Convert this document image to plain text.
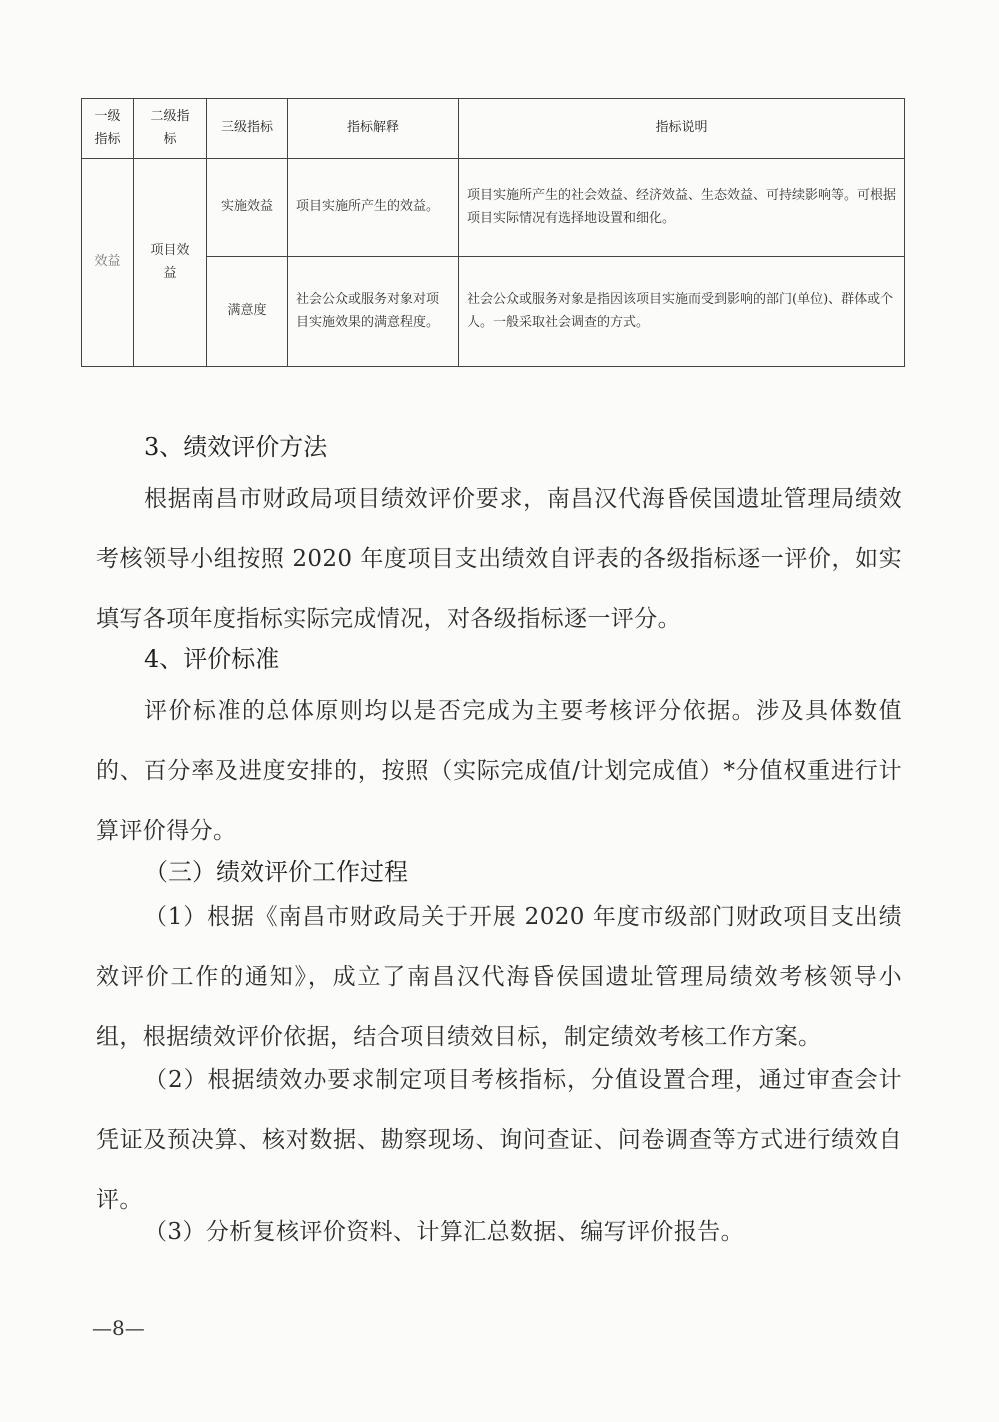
一级指标	二级指标	三级指标	指标解释	指标说明
效益	项目效益	实施效益	项目实施所产生的效益。	项目实施所产生的社会效益、经济效益、生态效益、可持续影响等。可根据项目实际情况有选择地设置和细化。
		满意度	社会公众或服务对象对项目实施效果的满意程度。	社会公众或服务对象是指因该项目实施而受到影响的部门(单位)、群体或个人。一般采取社会调查的方式。

3、绩效评价方法

根据南昌市财政局项目绩效评价要求，南昌汉代海昏侯国遗址管理局绩效考核领导小组按照 2020 年度项目支出绩效自评表的各级指标逐一评价，如实填写各项年度指标实际完成情况，对各级指标逐一评分。

4、评价标准

评价标准的总体原则均以是否完成为主要考核评分依据。涉及具体数值的、百分率及进度安排的，按照（实际完成值/计划完成值）*分值权重进行计算评价得分。

（三）绩效评价工作过程

（1）根据《南昌市财政局关于开展 2020 年度市级部门财政项目支出绩效评价工作的通知》，成立了南昌汉代海昏侯国遗址管理局绩效考核领导小组，根据绩效评价依据，结合项目绩效目标，制定绩效考核工作方案。

（2）根据绩效办要求制定项目考核指标，分值设置合理，通过审查会计凭证及预决算、核对数据、勘察现场、询问查证、问卷调查等方式进行绩效自评。

（3）分析复核评价资料、计算汇总数据、编写评价报告。

—8—
